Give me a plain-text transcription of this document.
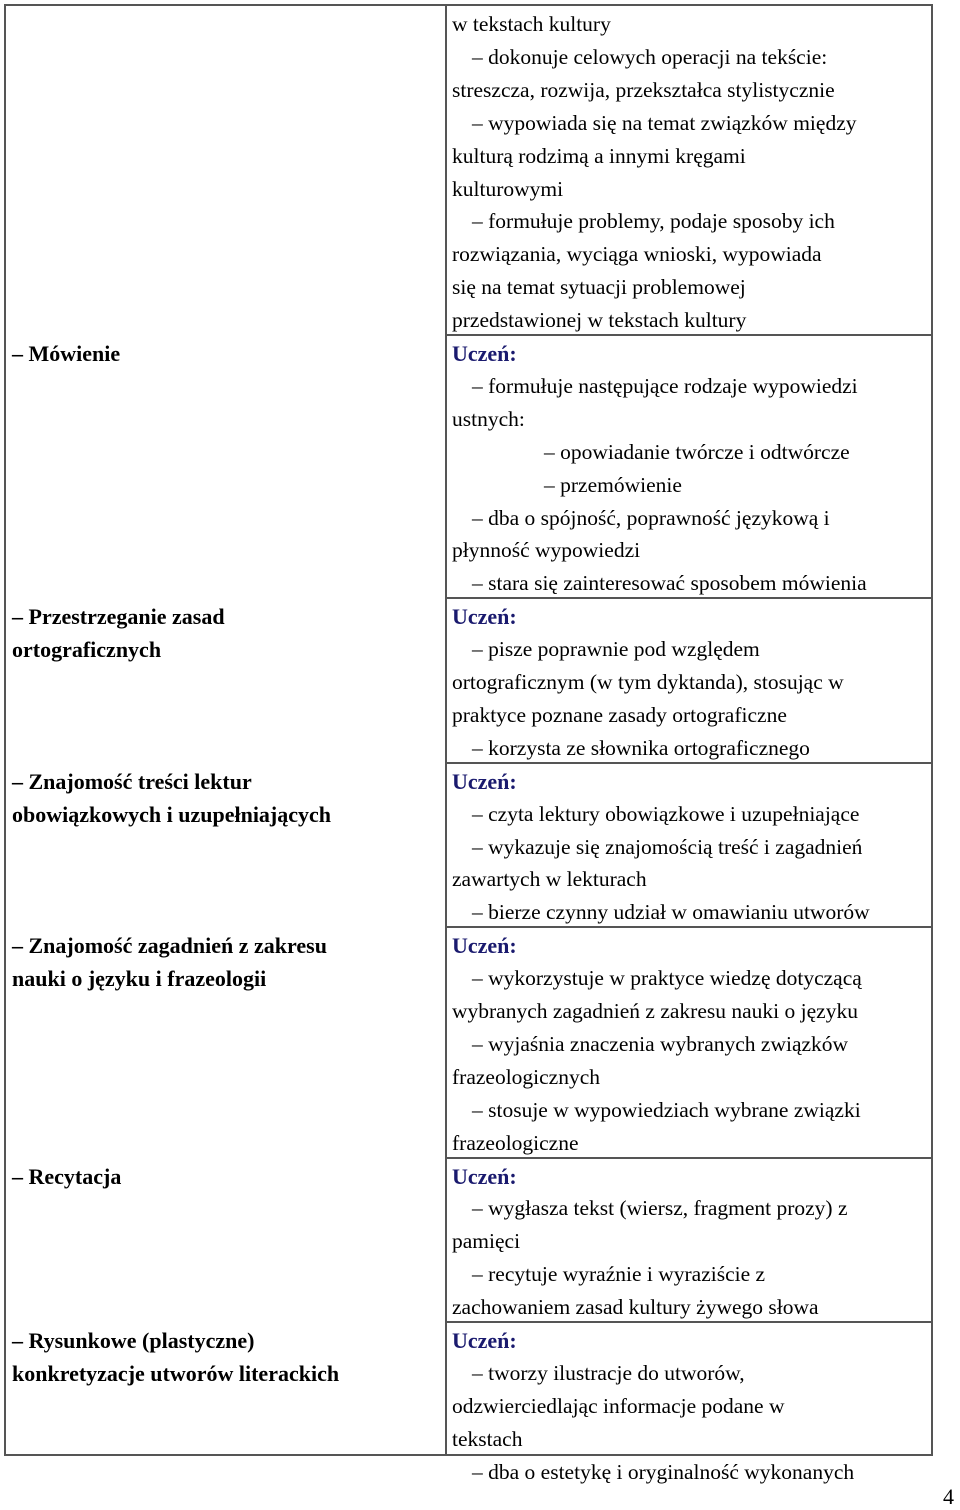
– Mówienie
– Przestrzeganie zasad
ortograficznych
– Znajomość treści lektur
obowiązkowych i uzupełniających
– Znajomość zagadnień z zakresu
nauki o języku i frazeologii
– Recytacja
– Rysunkowe (plastyczne)
konkretyzacje utworów literackich
w tekstach kultury
– dokonuje celowych operacji na tekście:
streszcza, rozwija, przekształca stylistycznie
– wypowiada się na temat związków między
kulturą rodzimą a innymi kręgami
kulturowymi
– formułuje problemy, podaje sposoby ich
rozwiązania, wyciąga wnioski, wypowiada
się na temat sytuacji problemowej
przedstawionej w tekstach kultury
Uczeń:
– formułuje następujące rodzaje wypowiedzi
ustnych:
– opowiadanie twórcze i odtwórcze
– przemówienie
– dba o spójność, poprawność językową i
płynność wypowiedzi
– stara się zainteresować sposobem mówienia
Uczeń:
– pisze poprawnie pod względem
ortograficznym (w tym dyktanda), stosując w
praktyce poznane zasady ortograficzne
– korzysta ze słownika ortograficznego
Uczeń:
– czyta lektury obowiązkowe i uzupełniające
– wykazuje się znajomością treść i zagadnień
zawartych w lekturach
– bierze czynny udział w omawianiu utworów
Uczeń:
– wykorzystuje w praktyce wiedzę dotyczącą
wybranych zagadnień z zakresu nauki o języku
– wyjaśnia znaczenia wybranych związków
frazeologicznych
– stosuje w wypowiedziach wybrane związki
frazeologiczne
Uczeń:
– wygłasza tekst (wiersz, fragment prozy) z
pamięci
– recytuje wyraźnie i wyraziście z
zachowaniem zasad kultury żywego słowa
Uczeń:
– tworzy ilustracje do utworów,
odzwierciedlając informacje podane w
tekstach
– dba o estetykę i oryginalność wykonanych
4
